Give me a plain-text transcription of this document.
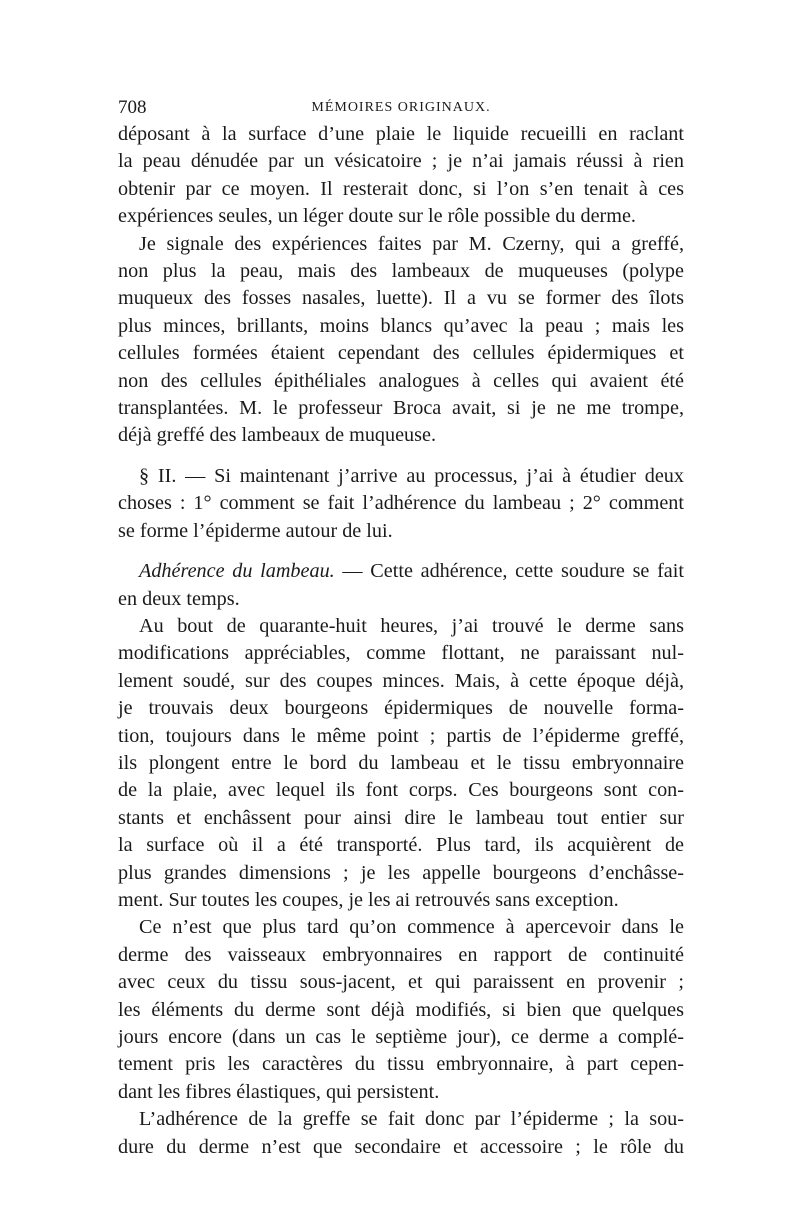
708	MÉMOIRES ORIGINAUX.

déposant à la surface d’une plaie le liquide recueilli en raclant

la peau dénudée par un vésicatoire ; je n’ai jamais réussi à rien

obtenir par ce moyen. Il resterait donc, si l’on s’en tenait à ces

expériences seules, un léger doute sur le rôle possible du derme.

Je signale des expériences faites par M. Czerny, qui a greffé,

non plus la peau, mais des lambeaux de muqueuses (polype

muqueux des fosses nasales, luette). Il a vu se former des îlots

plus minces, brillants, moins blancs qu’avec la peau ; mais les

cellules formées étaient cependant des cellules épidermiques et

non des cellules épithéliales analogues à celles qui avaient été

transplantées. M. le professeur Broca avait, si je ne me trompe,

déjà greffé des lambeaux de muqueuse.

§ II. — Si maintenant j’arrive au processus, j’ai à étudier deux

choses : 1° comment se fait l’adhérence du lambeau ; 2° comment

se forme l’épiderme autour de lui.

Adhérence du lambeau. — Cette adhérence, cette soudure se fait

en deux temps.

Au bout de quarante-huit heures, j’ai trouvé le derme sans

modifications appréciables, comme flottant, ne paraissant nul-

lement soudé, sur des coupes minces. Mais, à cette époque déjà,

je trouvais deux bourgeons épidermiques de nouvelle forma-

tion, toujours dans le même point ; partis de l’épiderme greffé,

ils plongent entre le bord du lambeau et le tissu embryonnaire

de la plaie, avec lequel ils font corps. Ces bourgeons sont con-

stants et enchâssent pour ainsi dire le lambeau tout entier sur

la surface où il a été transporté. Plus tard, ils acquièrent de

plus grandes dimensions ; je les appelle bourgeons d’enchâsse-

ment. Sur toutes les coupes, je les ai retrouvés sans exception.

Ce n’est que plus tard qu’on commence à apercevoir dans le

derme des vaisseaux embryonnaires en rapport de continuité

avec ceux du tissu sous-jacent, et qui paraissent en provenir ;

les éléments du derme sont déjà modifiés, si bien que quelques

jours encore (dans un cas le septième jour), ce derme a complé-

tement pris les caractères du tissu embryonnaire, à part cepen-

dant les fibres élastiques, qui persistent.

L’adhérence de la greffe se fait donc par l’épiderme ; la sou-

dure du derme n’est que secondaire et accessoire ; le rôle du
